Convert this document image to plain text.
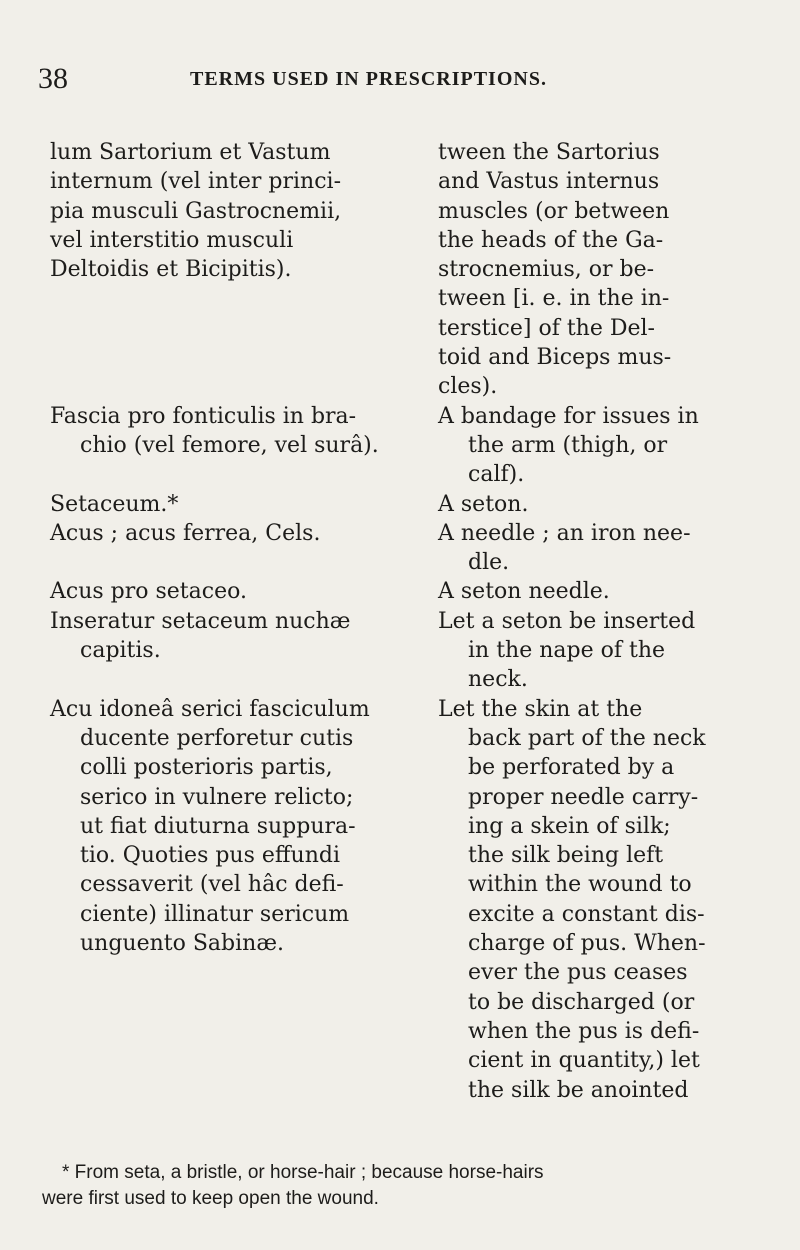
38	TERMS USED IN PRESCRIPTIONS.
lum Sartorium et Vastum
internum (vel inter princi-
pia musculi Gastrocnemii,
vel interstitio musculi
Deltoidis et Bicipitis).
tween the Sartorius
and Vastus internus
muscles (or between
the heads of the Ga-
strocnemius, or be-
tween [i. e. in the in-
terstice] of the Del-
toid and Biceps mus-
cles).
Fascia pro fonticulis in bra-
chio (vel femore, vel surâ).
A bandage for issues in
the arm (thigh, or
calf).
Setaceum.*	A seton.
Acus ; acus ferrea, Cels.	A needle ; an iron nee-
dle.
Acus pro setaceo.	A seton needle.
Inseratur setaceum nuchæ
capitis.
Let a seton be inserted
in the nape of the
neck.
Acu idoneâ serici fasciculum
ducente perforetur cutis
colli posterioris partis,
serico in vulnere relicto;
ut fiat diuturna suppura-
tio. Quoties pus effundi
cessaverit (vel hâc defi-
ciente) illinatur sericum
unguento Sabinæ.
Let the skin at the
back part of the neck
be perforated by a
proper needle carry-
ing a skein of silk;
the silk being left
within the wound to
excite a constant dis-
charge of pus. When-
ever the pus ceases
to be discharged (or
when the pus is defi-
cient in quantity,) let
the silk be anointed
* From seta, a bristle, or horse-hair ; because horse-hairs
were first used to keep open the wound.
